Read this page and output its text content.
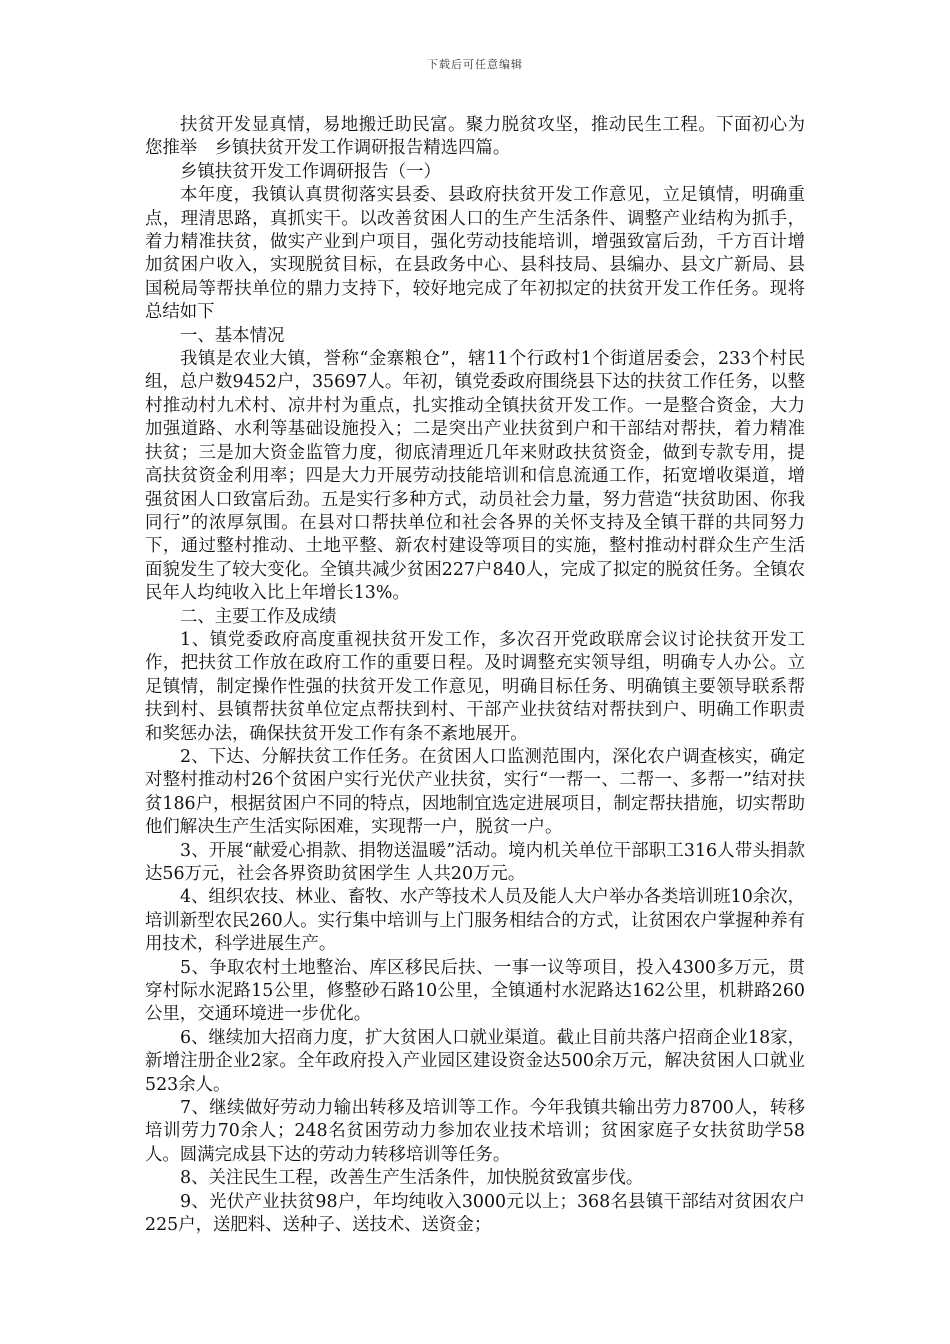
下载后可任意编辑

扶贫开发显真情，易地搬迁助民富。聚力脱贫攻坚，推动民生工程。下面初心为您推举　乡镇扶贫开发工作调研报告精选四篇。

乡镇扶贫开发工作调研报告（一）

本年度，我镇认真贯彻落实县委、县政府扶贫开发工作意见，立足镇情，明确重点，理清思路，真抓实干。以改善贫困人口的生产生活条件、调整产业结构为抓手，着力精准扶贫，做实产业到户项目，强化劳动技能培训，增强致富后劲，千方百计增加贫困户收入，实现脱贫目标，在县政务中心、县科技局、县编办、县文广新局、县国税局等帮扶单位的鼎力支持下，较好地完成了年初拟定的扶贫开发工作任务。现将总结如下

一、基本情况

我镇是农业大镇，誉称“金寨粮仓”，辖11个行政村1个街道居委会，233个村民组，总户数9452户，35697人。年初，镇党委政府围绕县下达的扶贫工作任务，以整村推动村九术村、凉井村为重点，扎实推动全镇扶贫开发工作。一是整合资金，大力加强道路、水利等基础设施投入；二是突出产业扶贫到户和干部结对帮扶，着力精准扶贫；三是加大资金监管力度，彻底清理近几年来财政扶贫资金，做到专款专用，提高扶贫资金利用率；四是大力开展劳动技能培训和信息流通工作，拓宽增收渠道，增强贫困人口致富后劲。五是实行多种方式，动员社会力量，努力营造“扶贫助困、你我同行”的浓厚氛围。在县对口帮扶单位和社会各界的关怀支持及全镇干群的共同努力下，通过整村推动、土地平整、新农村建设等项目的实施，整村推动村群众生产生活面貌发生了较大变化。全镇共减少贫困227户840人，完成了拟定的脱贫任务。全镇农民年人均纯收入比上年增长13%。

二、主要工作及成绩

1、镇党委政府高度重视扶贫开发工作，多次召开党政联席会议讨论扶贫开发工作，把扶贫工作放在政府工作的重要日程。及时调整充实领导组，明确专人办公。立足镇情，制定操作性强的扶贫开发工作意见，明确目标任务、明确镇主要领导联系帮扶到村、县镇帮扶贫单位定点帮扶到村、干部产业扶贫结对帮扶到户、明确工作职责和奖惩办法，确保扶贫开发工作有条不紊地展开。

2、下达、分解扶贫工作任务。在贫困人口监测范围内，深化农户调查核实，确定对整村推动村26个贫困户实行光伏产业扶贫，实行“一帮一、二帮一、多帮一”结对扶贫186户，根据贫困户不同的特点，因地制宜选定进展项目，制定帮扶措施，切实帮助他们解决生产生活实际困难，实现帮一户，脱贫一户。

3、开展“献爱心捐款、捐物送温暖”活动。境内机关单位干部职工316人带头捐款达56万元，社会各界资助贫困学生 人共20万元。

4、组织农技、林业、畜牧、水产等技术人员及能人大户举办各类培训班10余次，培训新型农民260人。实行集中培训与上门服务相结合的方式，让贫困农户掌握种养有用技术，科学进展生产。

5、争取农村土地整治、库区移民后扶、一事一议等项目，投入4300多万元，贯穿村际水泥路15公里，修整砂石路10公里，全镇通村水泥路达162公里，机耕路260公里，交通环境进一步优化。

6、继续加大招商力度，扩大贫困人口就业渠道。截止目前共落户招商企业18家，新增注册企业2家。全年政府投入产业园区建设资金达500余万元，解决贫困人口就业523余人。

7、继续做好劳动力输出转移及培训等工作。今年我镇共输出劳力8700人，转移培训劳力70余人；248名贫困劳动力参加农业技术培训；贫困家庭子女扶贫助学58人。圆满完成县下达的劳动力转移培训等任务。

8、关注民生工程，改善生产生活条件，加快脱贫致富步伐。

9、光伏产业扶贫98户，年均纯收入3000元以上；368名县镇干部结对贫困农户225户，送肥料、送种子、送技术、送资金；
